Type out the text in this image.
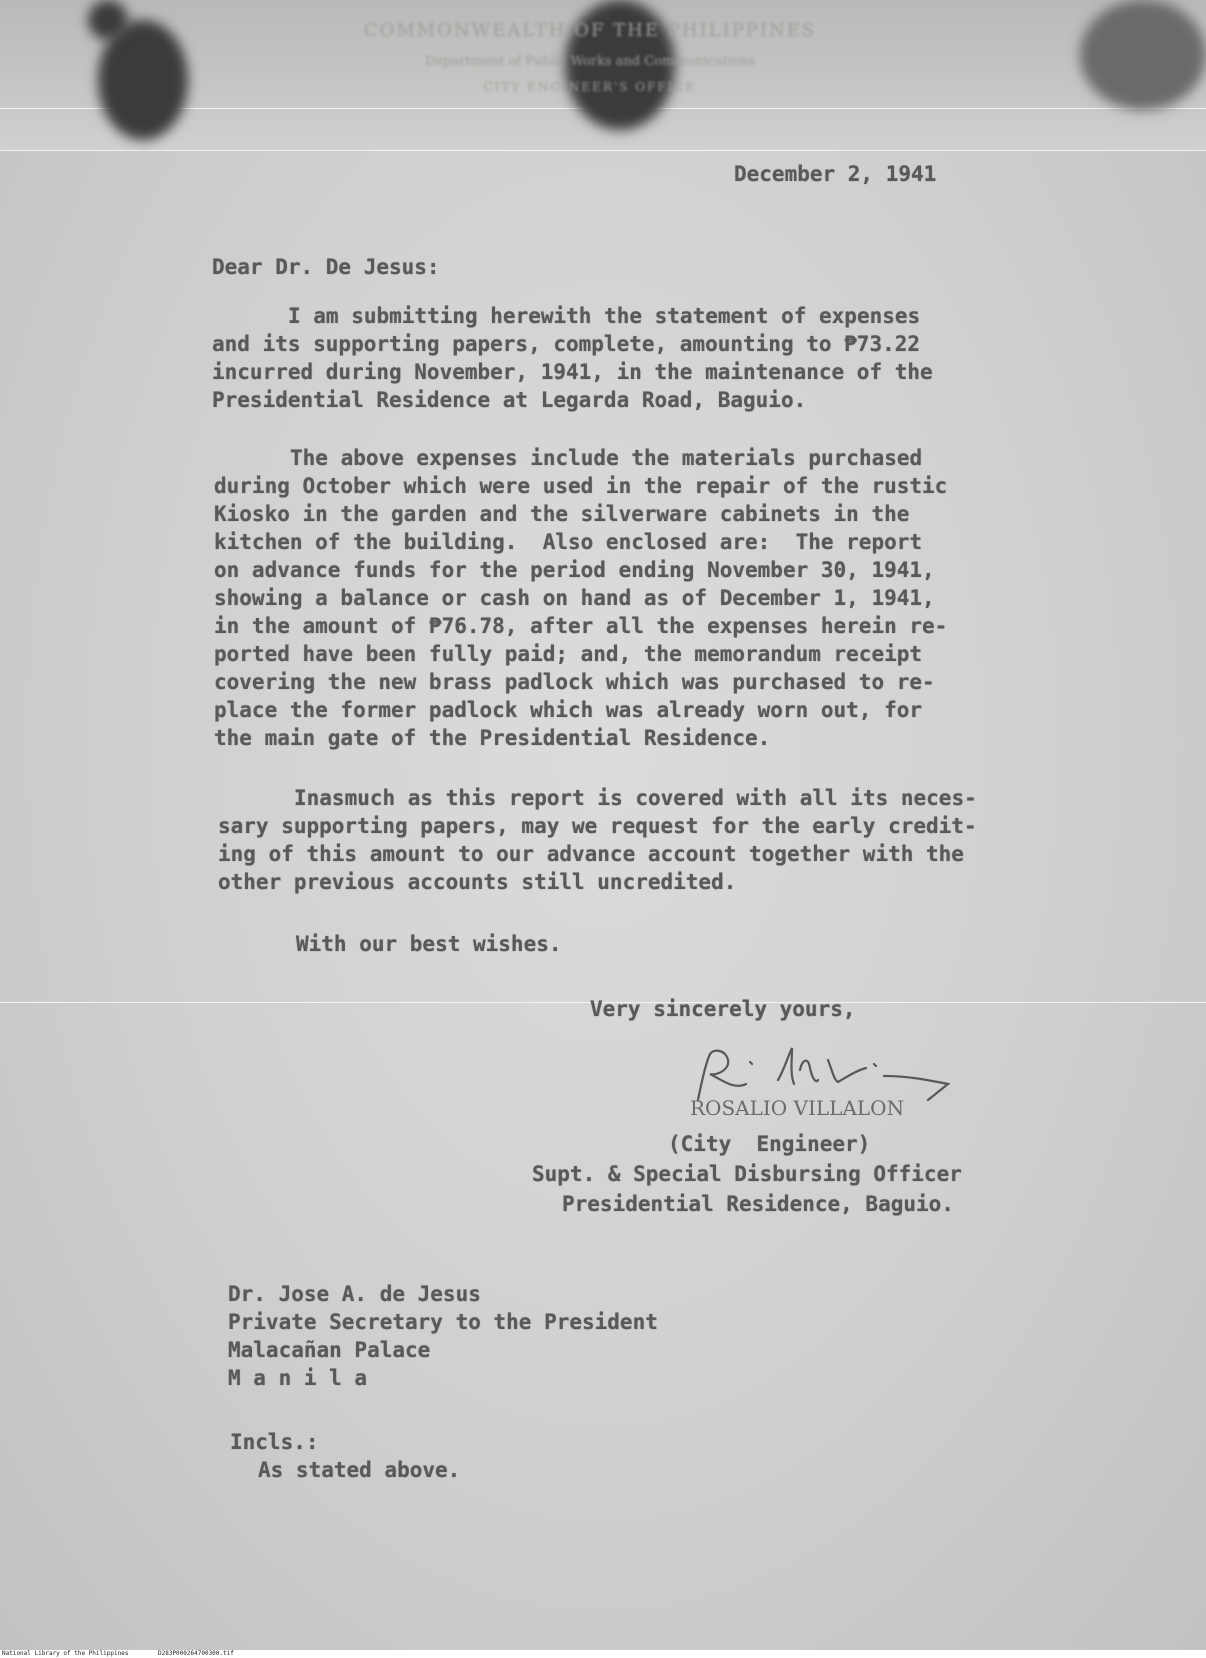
COMMONWEALTH OF THE PHILIPPINES
Department of Public Works and Communications
CITY ENGINEER'S OFFICE
December 2, 1941
Dear Dr. De Jesus:
I am submitting herewith the statement of expenses
and its supporting papers, complete, amounting to ₱73.22
incurred during November, 1941, in the maintenance of the
Presidential Residence at Legarda Road, Baguio.
The above expenses include the materials purchased
during October which were used in the repair of the rustic
Kiosko in the garden and the silverware cabinets in the
kitchen of the building.  Also enclosed are:  The report
on advance funds for the period ending November 30, 1941,
showing a balance or cash on hand as of December 1, 1941,
in the amount of ₱76.78, after all the expenses herein re-
ported have been fully paid; and, the memorandum receipt
covering the new brass padlock which was purchased to re-
place the former padlock which was already worn out, for
the main gate of the Presidential Residence.
Inasmuch as this report is covered with all its neces-
sary supporting papers, may we request for the early credit-
ing of this amount to our advance account together with the
other previous accounts still uncredited.
With our best wishes.
Very sincerely yours,
ROSALIO VILLALON
(City  Engineer)
Supt. & Special Disbursing Officer
Presidential Residence, Baguio.
Dr. Jose A. de Jesus
Private Secretary to the President
Malacañan Palace
M a n i l a
Incls.:
As stated above.
National Library of the Philippines	D283P000264700300.tif
